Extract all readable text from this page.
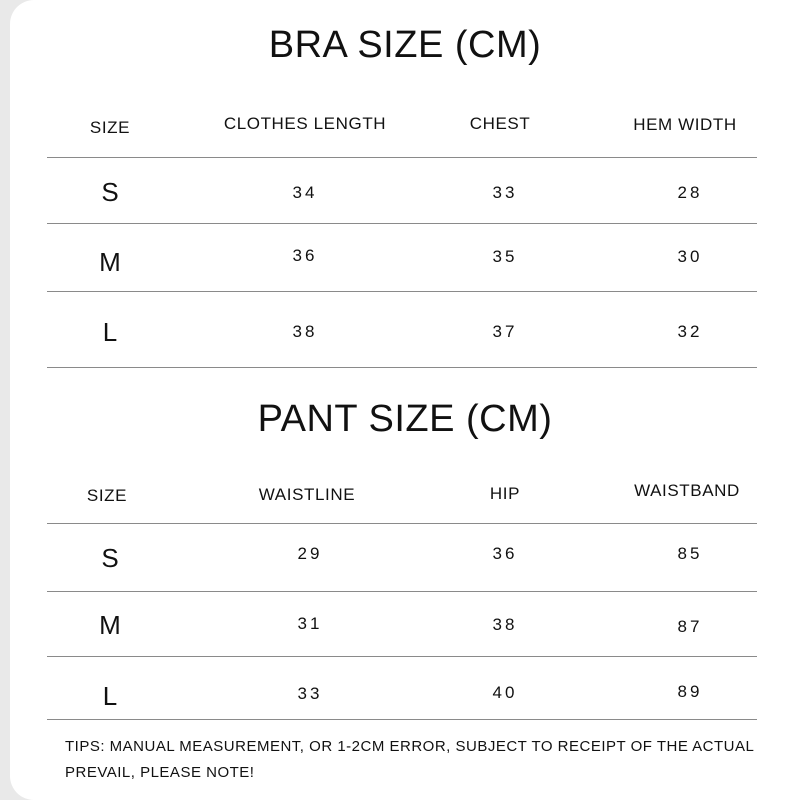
BRA SIZE (CM)
SIZE	CLOTHES LENGTH	CHEST	HEM WIDTH
S	34	33	28
M	36	35	30
L	38	37	32
PANT SIZE (CM)
SIZE	WAISTLINE	HIP	WAISTBAND
S	29	36	85
M	31	38	87
L	33	40	89
TIPS: MANUAL MEASUREMENT, OR 1-2CM ERROR, SUBJECT TO RECEIPT OF THE ACTUAL PREVAIL, PLEASE NOTE!
